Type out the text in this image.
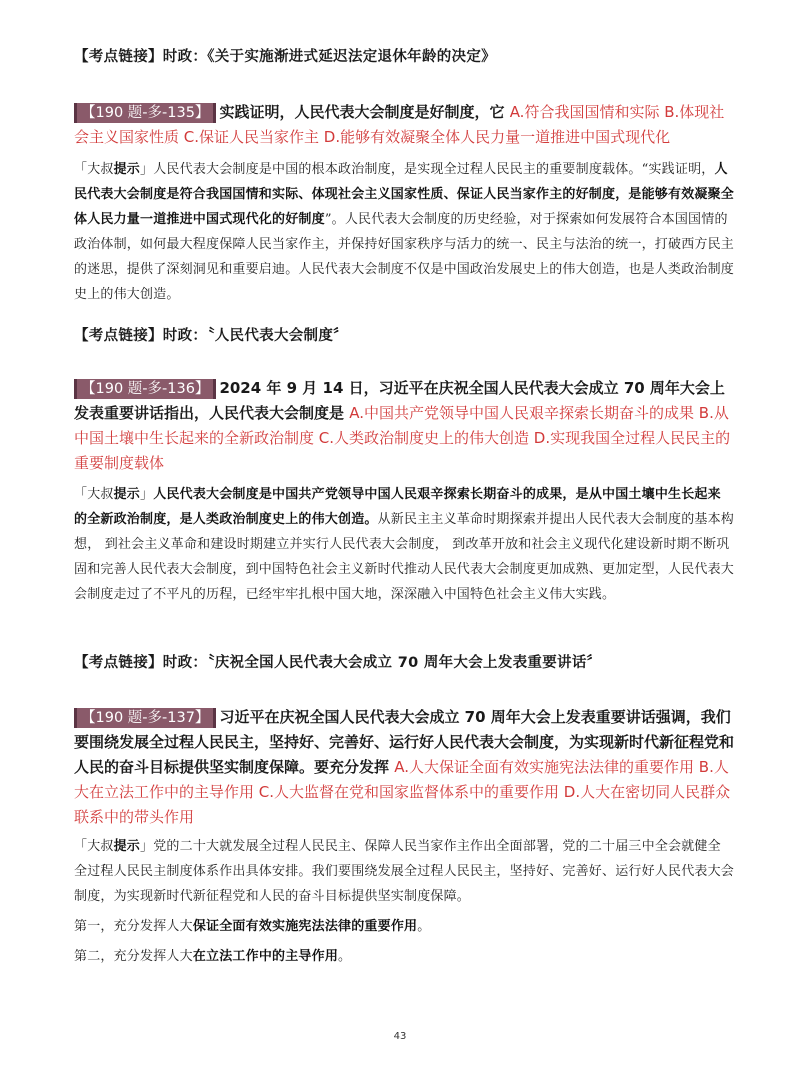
【考点链接】时政：《关于实施渐进式延迟法定退休年龄的决定》
【190 题-多-135】 实践证明，人民代表大会制度是好制度，它 A.符合我国国情和实际 B.体现社会主义国家性质 C.保证人民当家作主 D.能够有效凝聚全体人民力量一道推进中国式现代化
「大叔提示」人民代表大会制度是中国的根本政治制度，是实现全过程人民民主的重要制度载体。“实践证明，人民代表大会制度是符合我国国情和实际、体现社会主义国家性质、保证人民当家作主的好制度，是能够有效凝聚全体人民力量一道推进中国式现代化的好制度”。人民代表大会制度的历史经验，对于探索如何发展符合本国国情的政治体制，如何最大程度保障人民当家作主，并保持好国家秩序与活力的统一、民主与法治的统一，打破西方民主的迷思，提供了深刻洞见和重要启迪。人民代表大会制度不仅是中国政治发展史上的伟大创造，也是人类政治制度史上的伟大创造。
【考点链接】时政：〝人民代表大会制度〞
【190 题-多-136】 2024 年 9 月 14 日，习近平在庆祝全国人民代表大会成立 70 周年大会上发表重要讲话指出，人民代表大会制度是 A.中国共产党领导中国人民艰辛探索长期奋斗的成果 B.从中国土壤中生长起来的全新政治制度 C.人类政治制度史上的伟大创造 D.实现我国全过程人民民主的重要制度载体
「大叔提示」人民代表大会制度是中国共产党领导中国人民艰辛探索长期奋斗的成果，是从中国土壤中生长起来的全新政治制度，是人类政治制度史上的伟大创造。从新民主主义革命时期探索并提出人民代表大会制度的基本构想， 到社会主义革命和建设时期建立并实行人民代表大会制度， 到改革开放和社会主义现代化建设新时期不断巩固和完善人民代表大会制度，到中国特色社会主义新时代推动人民代表大会制度更加成熟、更加定型，人民代表大会制度走过了不平凡的历程，已经牢牢扎根中国大地，深深融入中国特色社会主义伟大实践。
【考点链接】时政：〝庆祝全国人民代表大会成立 70 周年大会上发表重要讲话〞
【190 题-多-137】 习近平在庆祝全国人民代表大会成立 70 周年大会上发表重要讲话强调，我们要围绕发展全过程人民民主，坚持好、完善好、运行好人民代表大会制度，为实现新时代新征程党和人民的奋斗目标提供坚实制度保障。要充分发挥 A.人大保证全面有效实施宪法法律的重要作用 B.人大在立法工作中的主导作用 C.人大监督在党和国家监督体系中的重要作用 D.人大在密切同人民群众联系中的带头作用
「大叔提示」党的二十大就发展全过程人民民主、保障人民当家作主作出全面部署，党的二十届三中全会就健全全过程人民民主制度体系作出具体安排。我们要围绕发展全过程人民民主，坚持好、完善好、运行好人民代表大会制度，为实现新时代新征程党和人民的奋斗目标提供坚实制度保障。
第一，充分发挥人大保证全面有效实施宪法法律的重要作用。
第二，充分发挥人大在立法工作中的主导作用。
43
